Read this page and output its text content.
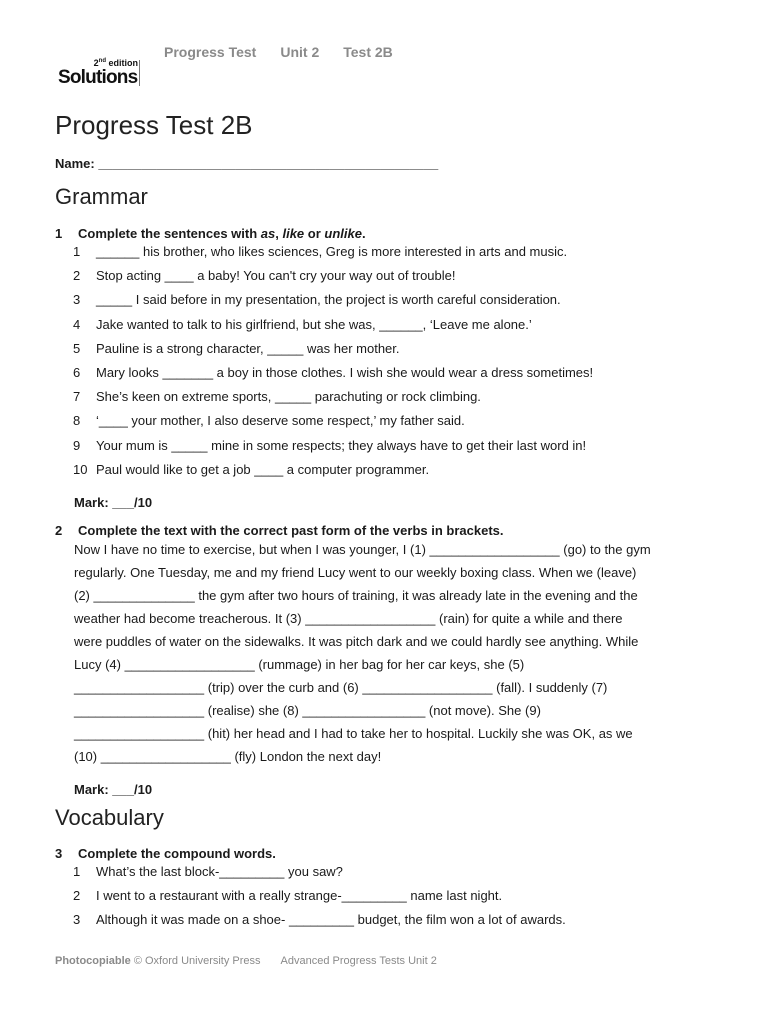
2nd edition
Solutions
Progress Test Unit 2 Test 2B
Progress Test 2B
Name: _______________________________________________
Grammar
1 Complete the sentences with as, like or unlike.
1	______ his brother, who likes sciences, Greg is more interested in arts and music.
2	Stop acting ____ a baby! You can't cry your way out of trouble!
3	_____ I said before in my presentation, the project is worth careful consideration.
4	Jake wanted to talk to his girlfriend, but she was, ______, ‘Leave me alone.’
5	Pauline is a strong character, _____ was her mother.
6	Mary looks _______ a boy in those clothes. I wish she would wear a dress sometimes!
7	She’s keen on extreme sports, _____ parachuting or rock climbing.
8	‘____ your mother, I also deserve some respect,’ my father said.
9	Your mum is _____ mine in some respects; they always have to get their last word in!
10 Paul would like to get a job ____ a computer programmer.
Mark: ___/10
2 Complete the text with the correct past form of the verbs in brackets.
Now I have no time to exercise, but when I was younger, I (1) __________________ (go) to the gym
regularly. One Tuesday, me and my friend Lucy went to our weekly boxing class. When we (leave)
(2) ______________ the gym after two hours of training, it was already late in the evening and the
weather had become treacherous. It (3) __________________ (rain) for quite a while and there
were puddles of water on the sidewalks. It was pitch dark and we could hardly see anything. While
Lucy (4) __________________ (rummage) in her bag for her car keys, she (5)
__________________ (trip) over the curb and (6) __________________ (fall). I suddenly (7)
__________________ (realise) she (8) _________________ (not move). She (9)
__________________ (hit) her head and I had to take her to hospital. Luckily she was OK, as we
(10) __________________ (fly) London the next day!
Mark: ___/10
Vocabulary
3 Complete the compound words.
1	What’s the last block-_________ you saw?
2	I went to a restaurant with a really strange-_________ name last night.
3	Although it was made on a shoe- _________ budget, the film won a lot of awards.
Photocopiable © Oxford University Press Advanced Progress Tests Unit 2
